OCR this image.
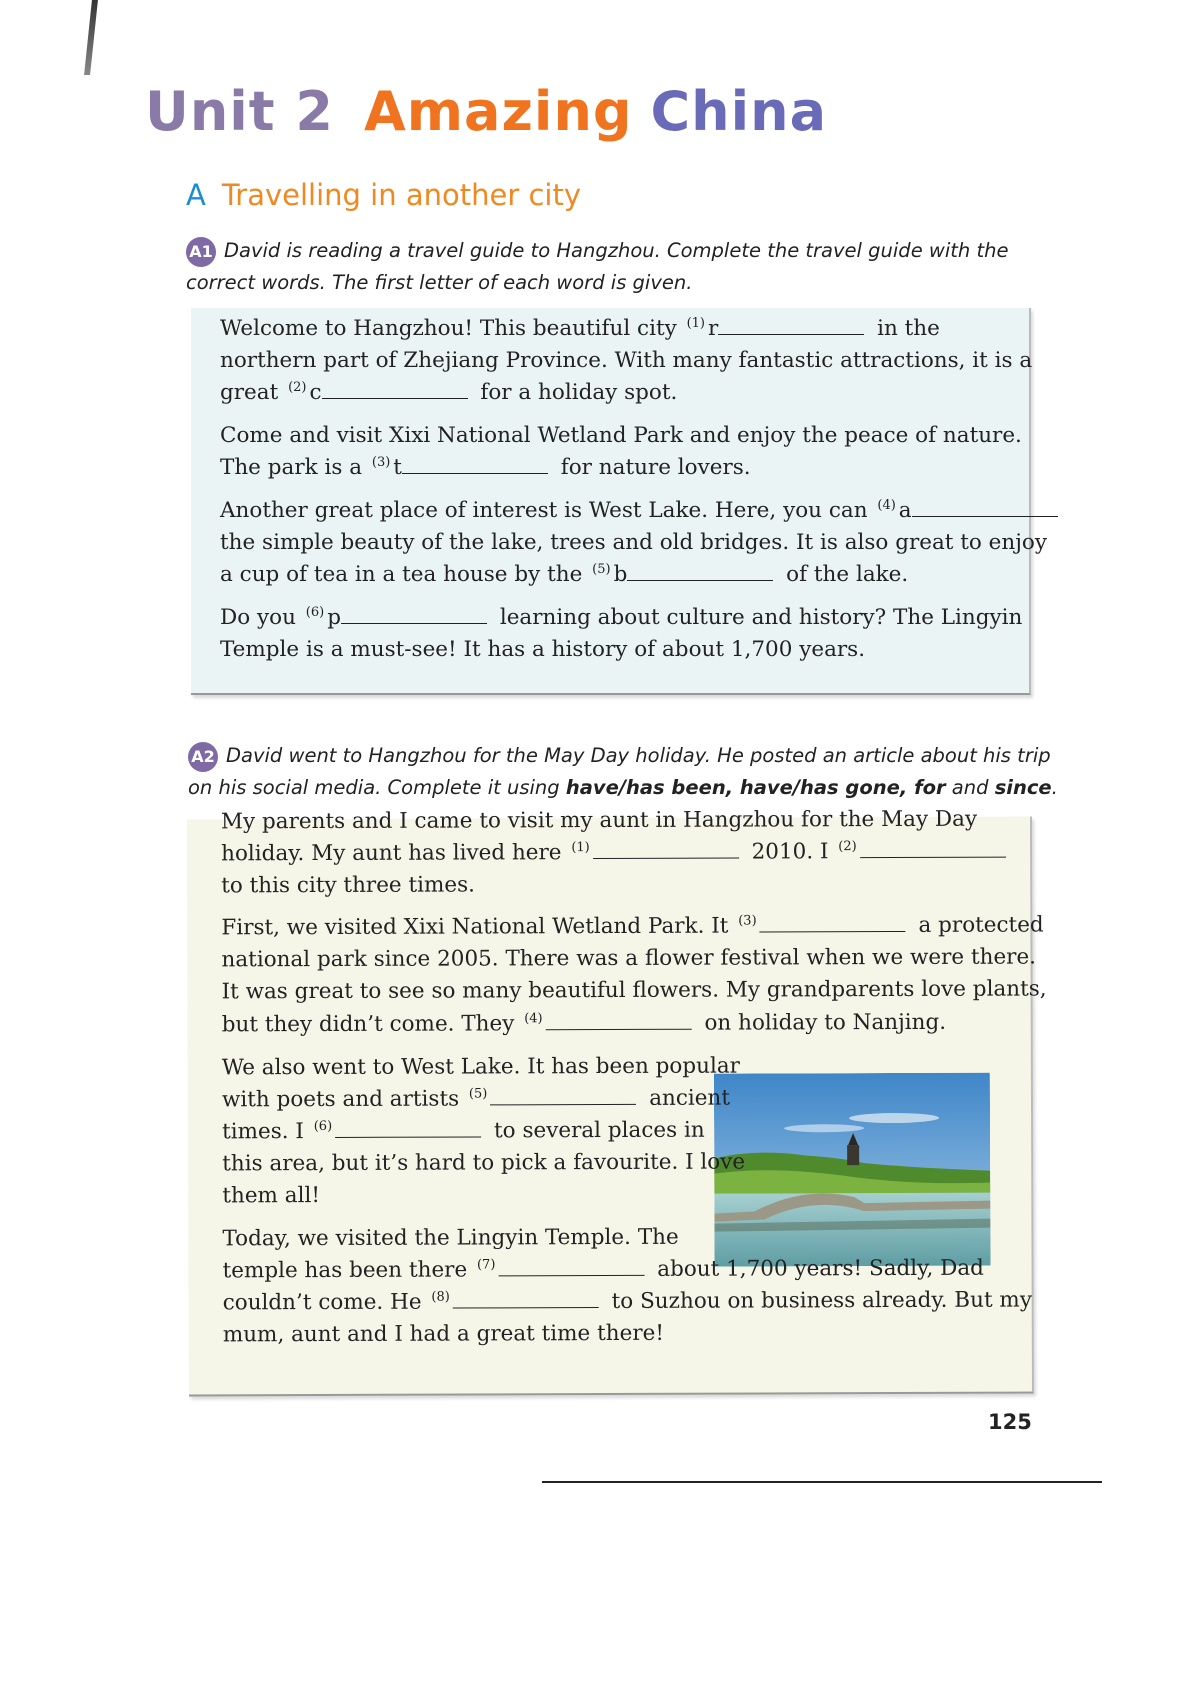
Unit 2 Amazing China
A Travelling in another city
A1 David is reading a travel guide to Hangzhou. Complete the travel guide with the
correct words. The first letter of each word is given.
Welcome to Hangzhou! This beautiful city $^{(1)}$ r	in the
northern part of Zhejiang Province. With many fantastic attractions, it is a
great $^{(2)}$ c	for a holiday spot.
Come and visit Xixi National Wetland Park and enjoy the peace of nature.
The park is a $^{(3)}$ t	for nature lovers.
Another great place of interest is West Lake. Here, you can $^{(4)}$ a
the simple beauty of the lake, trees and old bridges. It is also great to enjoy
a cup of tea in a tea house by the $^{(5)}$ b	of the lake.
Do you $^{(6)}$ p	learning about culture and history? The Lingyin
Temple is a must-see! It has a history of about 1,700 years.
A2 David went to Hangzhou for the May Day holiday. He posted an article about his trip
on his social media. Complete it using have/has been, have/has gone, for and since.
My parents and I came to visit my aunt in Hangzhou for the May Day
holiday. My aunt has lived here $^{(1)}$	2010. I $^{(2)}$
to this city three times.
First, we visited Xixi National Wetland Park. It $^{(3)}$	a protected
national park since 2005. There was a flower festival when we were there.
It was great to see so many beautiful flowers. My grandparents love plants,
but they didn’t come. They $^{(4)}$	on holiday to Nanjing.
We also went to West Lake. It has been popular
with poets and artists $^{(5)}$	ancient
times. I $^{(6)}$	to several places in
this area, but it’s hard to pick a favourite. I love
them all!
Today, we visited the Lingyin Temple. The
temple has been there $^{(7)}$	about 1,700 years! Sadly, Dad
couldn’t come. He $^{(8)}$	to Suzhou on business already. But my
mum, aunt and I had a great time there!
125
